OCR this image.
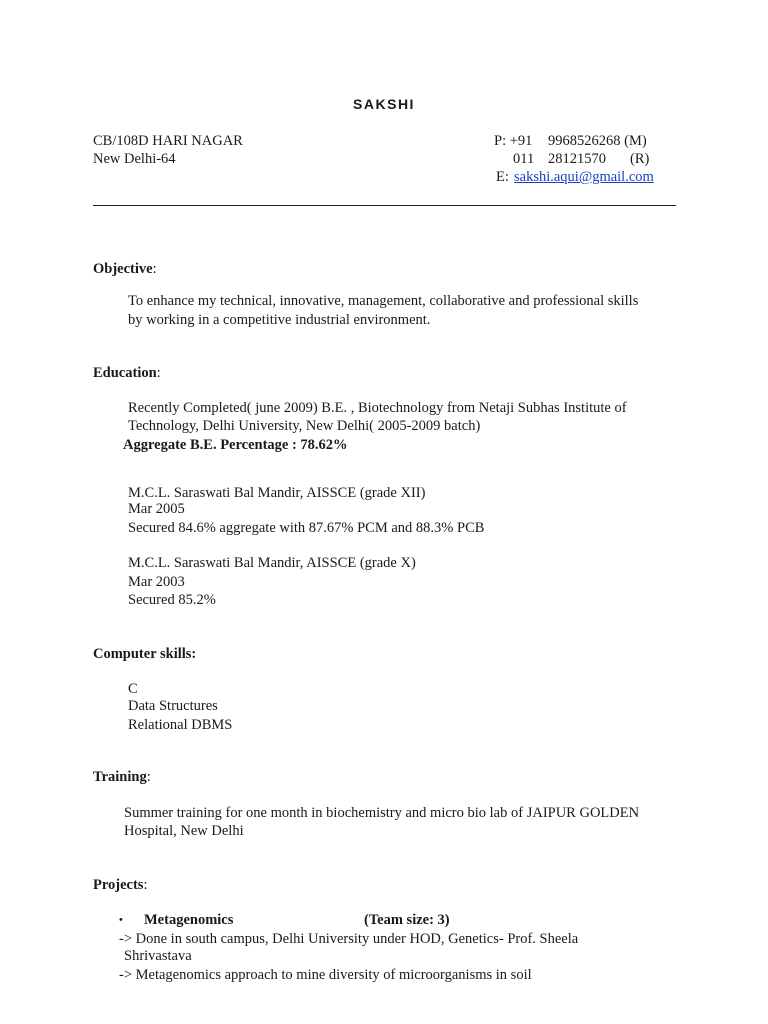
SAKSHI
CB/108D HARI NAGAR
New Delhi-64
P: +91 9968526268 (M)
011 28121570 (R)
E: sakshi.aqui@gmail.com
Objective:
To enhance my technical, innovative, management, collaborative and professional skills
by working in a competitive industrial environment.
Education:
Recently Completed( june 2009) B.E. , Biotechnology from Netaji Subhas Institute of
Technology, Delhi University, New Delhi( 2005-2009 batch)
Aggregate B.E. Percentage : 78.62%
M.C.L. Saraswati Bal Mandir, AISSCE (grade XII)
Mar 2005
Secured 84.6% aggregate with 87.67% PCM and 88.3% PCB
M.C.L. Saraswati Bal Mandir, AISSCE (grade X)
Mar 2003
Secured 85.2%
Computer skills:
C
Data Structures
Relational DBMS
Training:
Summer training for one month in biochemistry and micro bio lab of JAIPUR GOLDEN
Hospital, New Delhi
Projects:
• Metagenomics	(Team size: 3)
-> Done in south campus, Delhi University under HOD, Genetics- Prof. Sheela
Shrivastava
-> Metagenomics approach to mine diversity of microorganisms in soil
